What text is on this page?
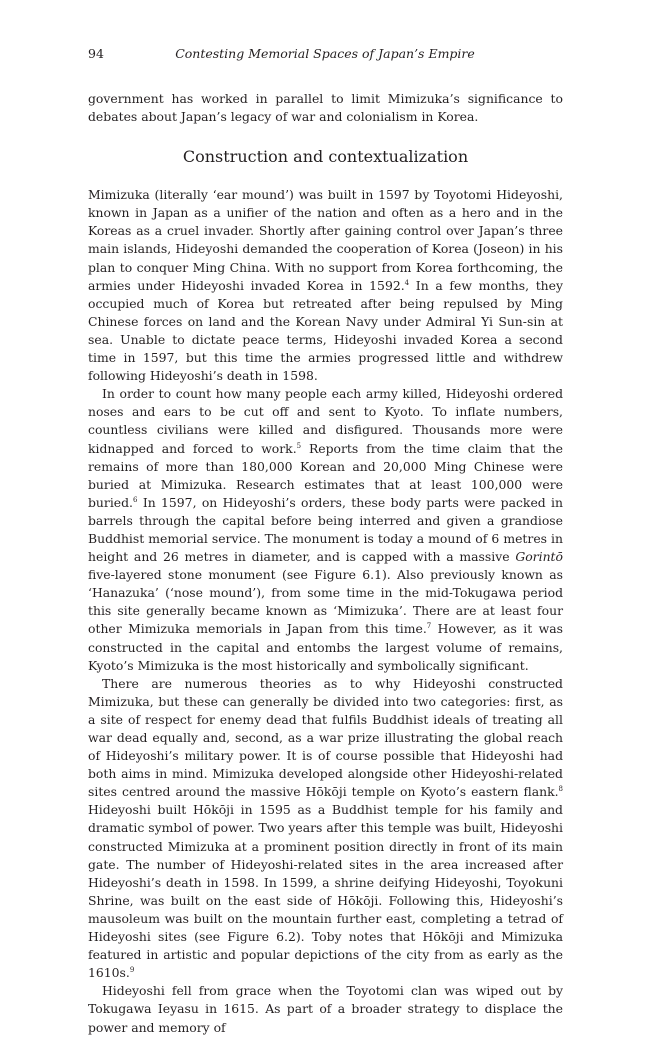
94	Contesting Memorial Spaces of Japan’s Empire

government has worked in parallel to limit Mimizuka’s significance to debates about Japan’s legacy of war and colonialism in Korea.

Construction and contextualization

Mimizuka (literally ‘ear mound’) was built in 1597 by Toyotomi Hideyoshi, known in Japan as a unifier of the nation and often as a hero and in the Koreas as a cruel invader. Shortly after gaining control over Japan’s three main islands, Hideyoshi demanded the cooperation of Korea (Joseon) in his plan to conquer Ming China. With no support from Korea forthcoming, the armies under Hideyoshi invaded Korea in 1592.$^4$ In a few months, they occupied much of Korea but retreated after being repulsed by Ming Chinese forces on land and the Korean Navy under Admiral Yi Sun-sin at sea. Unable to dictate peace terms, Hideyoshi invaded Korea a second time in 1597, but this time the armies progressed little and withdrew following Hideyoshi’s death in 1598.

In order to count how many people each army killed, Hideyoshi ordered noses and ears to be cut off and sent to Kyoto. To inflate numbers, countless civilians were killed and disfigured. Thousands more were kidnapped and forced to work.$^5$ Reports from the time claim that the remains of more than 180,000 Korean and 20,000 Ming Chinese were buried at Mimizuka. Research estimates that at least 100,000 were buried.$^6$ In 1597, on Hideyoshi’s orders, these body parts were packed in barrels through the capital before being interred and given a grandiose Buddhist memorial service. The monument is today a mound of 6 metres in height and 26 metres in diameter, and is capped with a massive Gorintō five-layered stone monument (see Figure 6.1). Also previously known as ‘Hanazuka’ (‘nose mound’), from some time in the mid-Tokugawa period this site generally became known as ‘Mimizuka’. There are at least four other Mimizuka memorials in Japan from this time.$^7$ However, as it was constructed in the capital and entombs the largest volume of remains, Kyoto’s Mimizuka is the most historically and symbolically significant.

There are numerous theories as to why Hideyoshi constructed Mimizuka, but these can generally be divided into two categories: first, as a site of respect for enemy dead that fulfils Buddhist ideals of treating all war dead equally and, second, as a war prize illustrating the global reach of Hideyoshi’s military power. It is of course possible that Hideyoshi had both aims in mind. Mimizuka developed alongside other Hideyoshi-related sites centred around the massive Hōkōji temple on Kyoto’s eastern flank.$^8$ Hideyoshi built Hōkōji in 1595 as a Buddhist temple for his family and dramatic symbol of power. Two years after this temple was built, Hideyoshi constructed Mimizuka at a prominent position directly in front of its main gate. The number of Hideyoshi-related sites in the area increased after Hideyoshi’s death in 1598. In 1599, a shrine deifying Hideyoshi, Toyokuni Shrine, was built on the east side of Hōkōji. Following this, Hideyoshi’s mausoleum was built on the mountain further east, completing a tetrad of Hideyoshi sites (see Figure 6.2). Toby notes that Hōkōji and Mimizuka featured in artistic and popular depictions of the city from as early as the 1610s.$^9$

Hideyoshi fell from grace when the Toyotomi clan was wiped out by Tokugawa Ieyasu in 1615. As part of a broader strategy to displace the power and memory of
